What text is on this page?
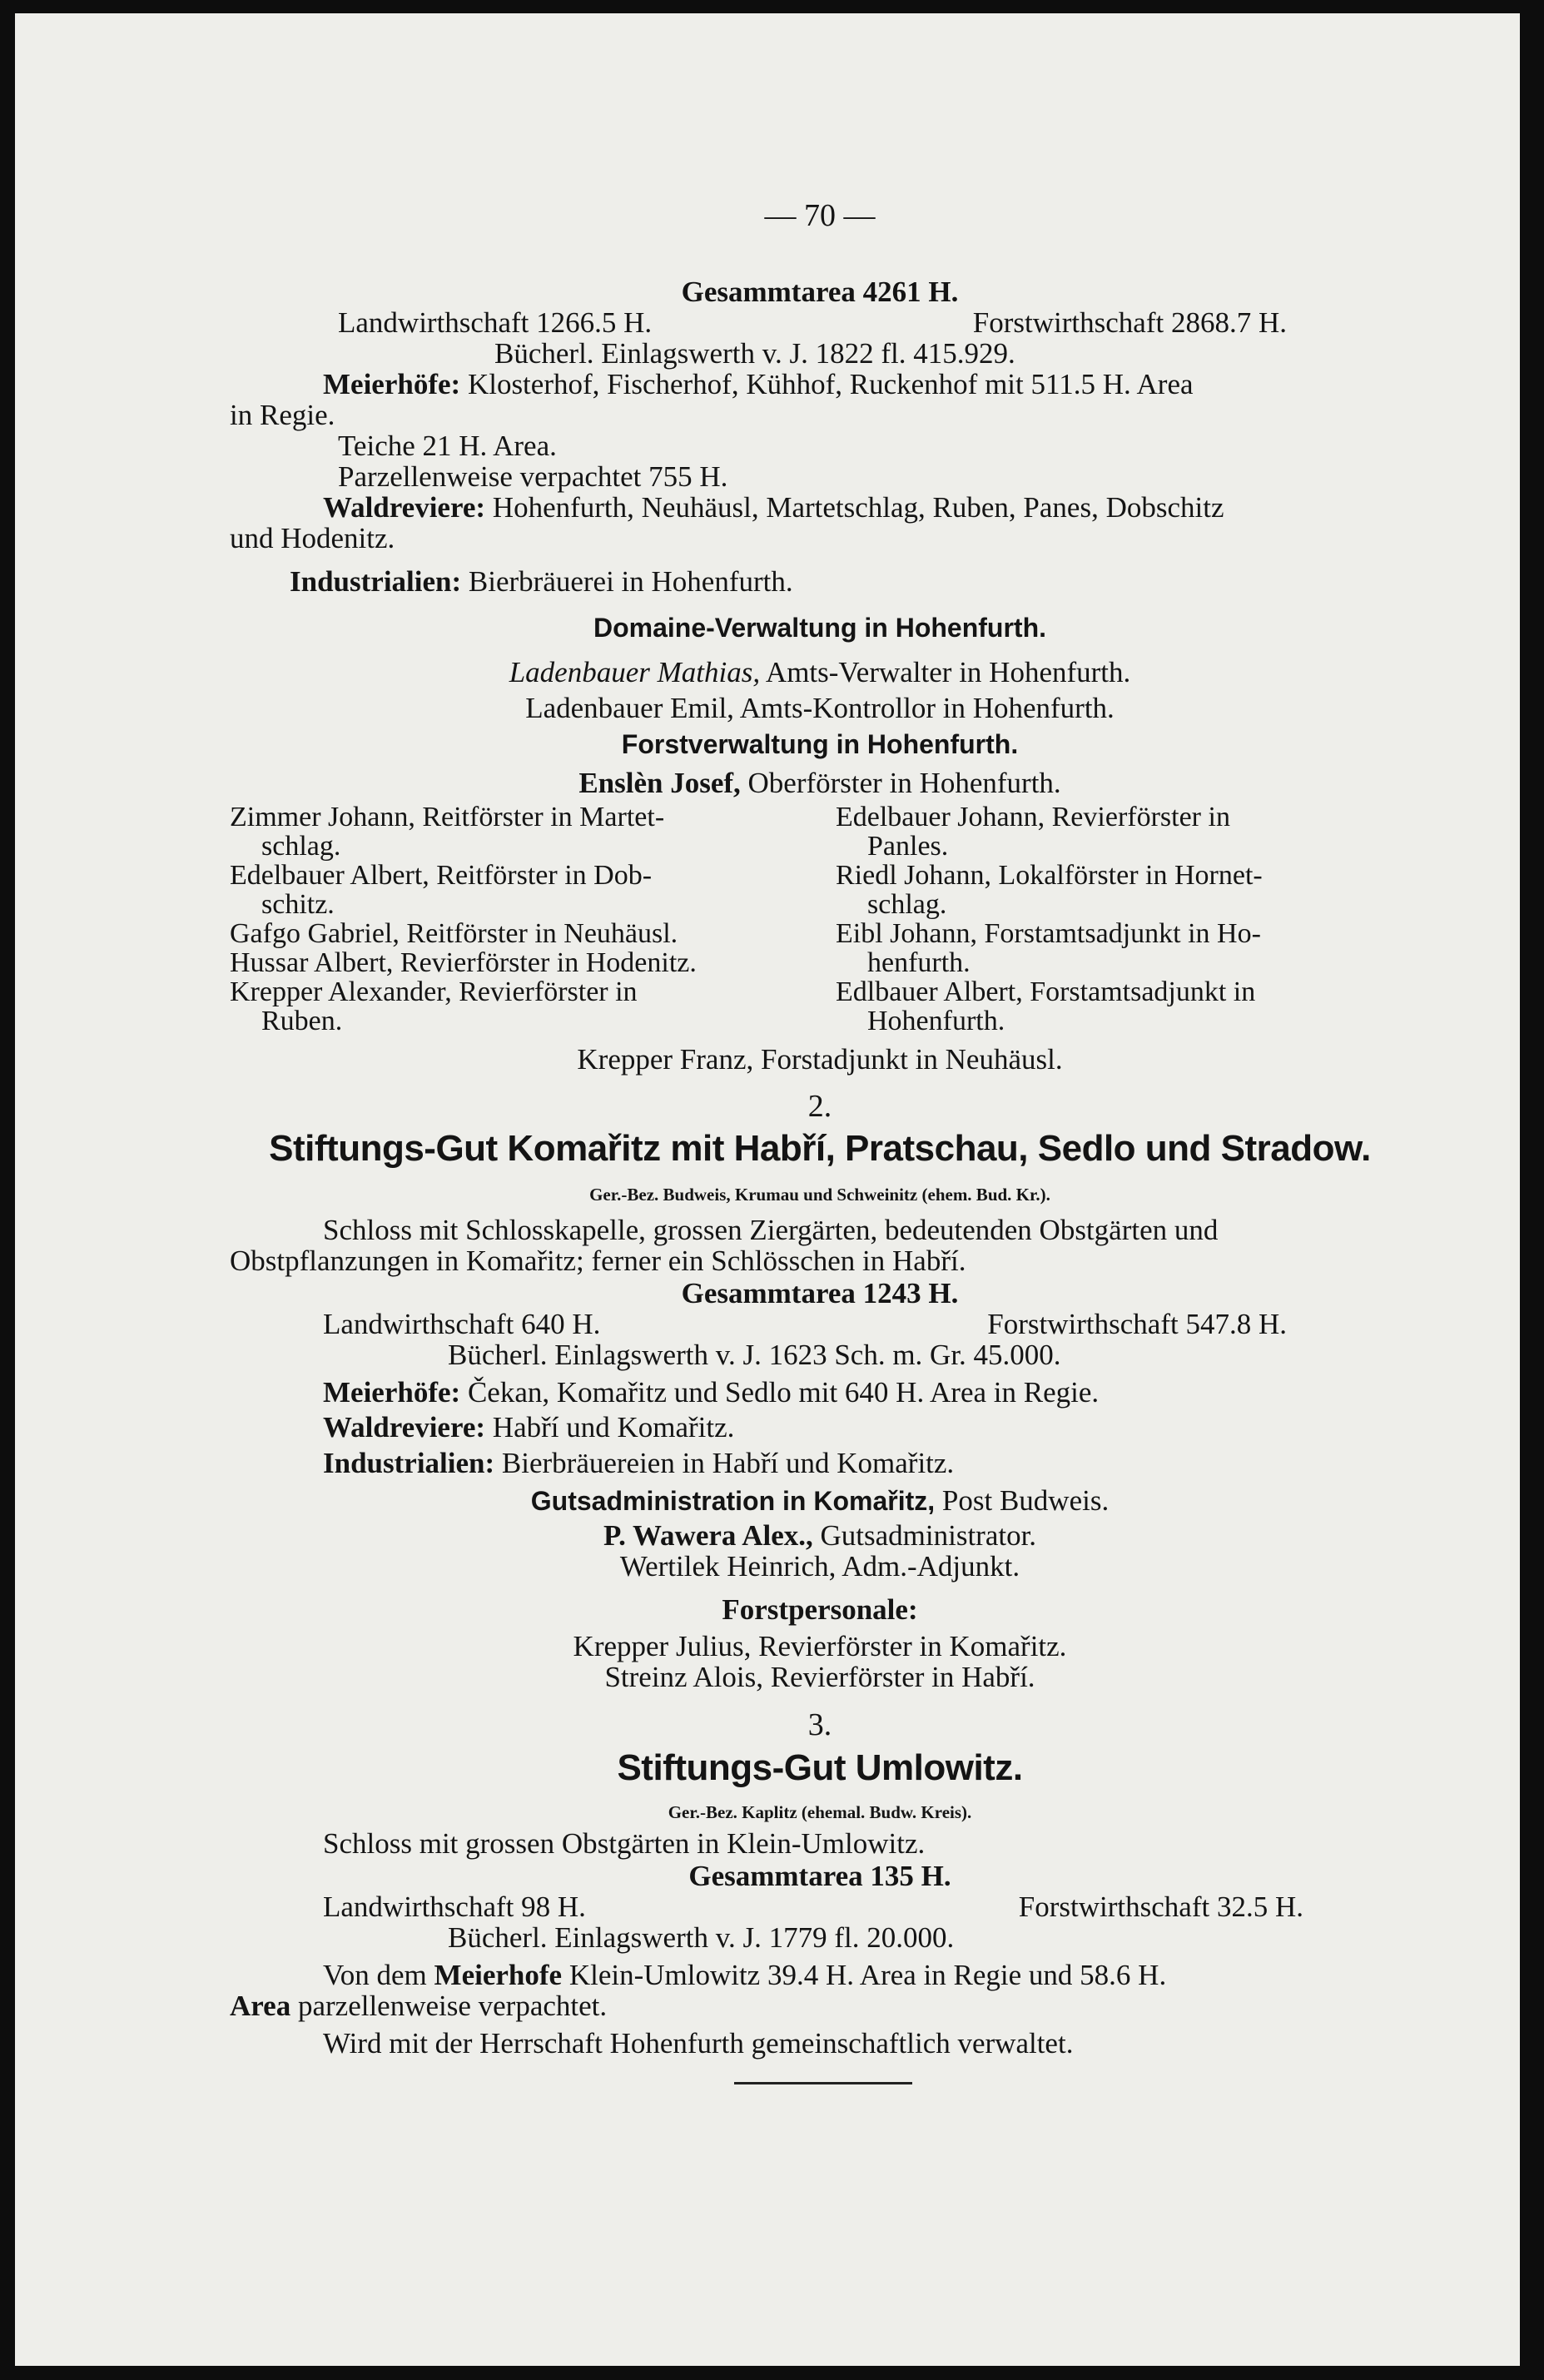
— 70 —
Gesammtarea 4261 H.
Landwirthschaft 1266.5 H.	Forstwirthschaft 2868.7 H.
Bücherl. Einlagswerth v. J. 1822 fl. 415.929.
Meierhöfe: Klosterhof, Fischerhof, Kühhof, Ruckenhof mit 511.5 H. Area
in Regie.
Teiche 21 H. Area.
Parzellenweise verpachtet 755 H.
Waldreviere: Hohenfurth, Neuhäusl, Martetschlag, Ruben, Panes, Dobschitz
und Hodenitz.
Industrialien: Bierbräuerei in Hohenfurth.
Domaine-Verwaltung in Hohenfurth.
Ladenbauer Mathias, Amts-Verwalter in Hohenfurth.
Ladenbauer Emil, Amts-Kontrollor in Hohenfurth.
Forstverwaltung in Hohenfurth.
Enslèn Josef, Oberförster in Hohenfurth.
Zimmer Johann, Reitförster in Martet-
schlag.
Edelbauer Albert, Reitförster in Dob-
schitz.
Gafgo Gabriel, Reitförster in Neuhäusl.
Hussar Albert, Revierförster in Hodenitz.
Krepper Alexander, Revierförster in
Ruben.
Edelbauer Johann, Revierförster in
Panles.
Riedl Johann, Lokalförster in Hornet-
schlag.
Eibl Johann, Forstamtsadjunkt in Ho-
henfurth.
Edlbauer Albert, Forstamtsadjunkt in
Hohenfurth.
Krepper Franz, Forstadjunkt in Neuhäusl.
2.
Stiftungs-Gut Komařitz mit Habří, Pratschau, Sedlo und Stradow.
Ger.-Bez. Budweis, Krumau und Schweinitz (ehem. Bud. Kr.).
Schloss mit Schlosskapelle, grossen Ziergärten, bedeutenden Obstgärten und
Obstpflanzungen in Komařitz; ferner ein Schlösschen in Habří.
Gesammtarea 1243 H.
Landwirthschaft 640 H.	Forstwirthschaft 547.8 H.
Bücherl. Einlagswerth v. J. 1623 Sch. m. Gr. 45.000.
Meierhöfe: Čekan, Komařitz und Sedlo mit 640 H. Area in Regie.
Waldreviere: Habří und Komařitz.
Industrialien: Bierbräuereien in Habří und Komařitz.
Gutsadministration in Komařitz, Post Budweis.
P. Wawera Alex., Gutsadministrator.
Wertilek Heinrich, Adm.-Adjunkt.
Forstpersonale:
Krepper Julius, Revierförster in Komařitz.
Streinz Alois, Revierförster in Habří.
3.
Stiftungs-Gut Umlowitz.
Ger.-Bez. Kaplitz (ehemal. Budw. Kreis).
Schloss mit grossen Obstgärten in Klein-Umlowitz.
Gesammtarea 135 H.
Landwirthschaft 98 H.	Forstwirthschaft 32.5 H.
Bücherl. Einlagswerth v. J. 1779 fl. 20.000.
Von dem Meierhofe Klein-Umlowitz 39.4 H. Area in Regie und 58.6 H.
Area parzellenweise verpachtet.
Wird mit der Herrschaft Hohenfurth gemeinschaftlich verwaltet.
